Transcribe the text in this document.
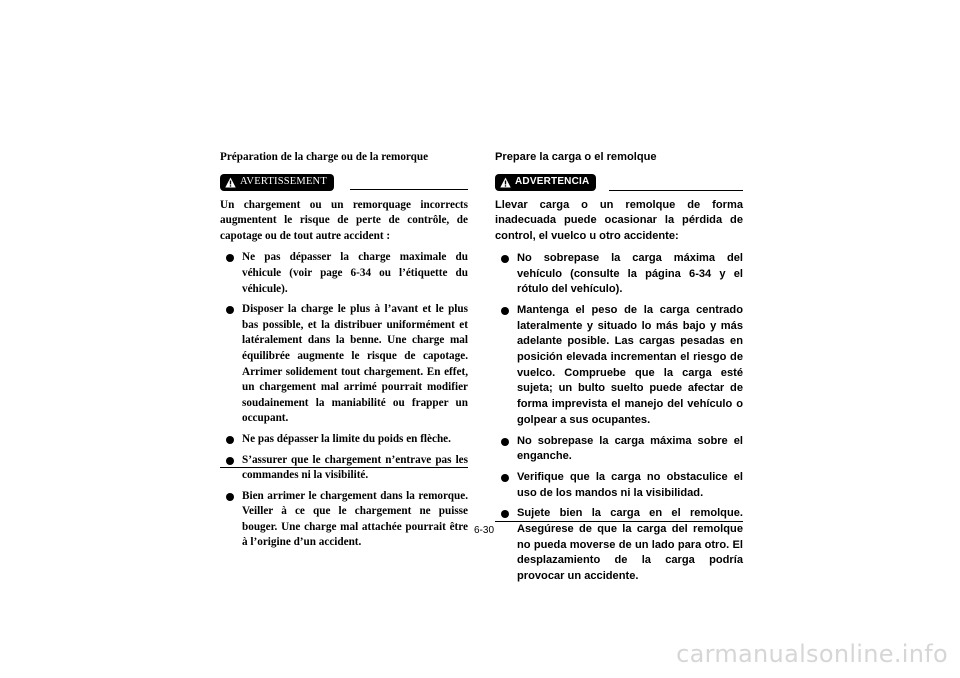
Préparation de la charge ou de la remorque
AVERTISSEMENT

Un chargement ou un remorquage incorrects augmentent le risque de perte de contrôle, de capotage ou de tout autre accident :

Ne pas dépasser la charge maximale du véhicule (voir page 6-34 ou l’étiquette du véhicule).
Disposer la charge le plus à l’avant et le plus bas possible, et la distribuer uniformément et latéralement dans la benne. Une charge mal équilibrée augmente le risque de capotage. Arrimer solidement tout chargement. En effet, un chargement mal arrimé pourrait modifier soudainement la maniabilité ou frapper un occupant.
Ne pas dépasser la limite du poids en flèche.
S’assurer que le chargement n’entrave pas les commandes ni la visibilité.
Bien arrimer le chargement dans la remorque. Veiller à ce que le chargement ne puisse bouger. Une charge mal attachée pourrait être à l’origine d’un accident.
Prepare la carga o el remolque
ADVERTENCIA

Llevar carga o un remolque de forma inadecuada puede ocasionar la pérdida de control, el vuelco u otro accidente:

No sobrepase la carga máxima del vehículo (consulte la página 6-34 y el rótulo del vehículo).
Mantenga el peso de la carga centrado lateralmente y situado lo más bajo y más adelante posible. Las cargas pesadas en posición elevada incrementan el riesgo de vuelco. Compruebe que la carga esté sujeta; un bulto suelto puede afectar de forma imprevista el manejo del vehículo o golpear a sus ocupantes.
No sobrepase la carga máxima sobre el enganche.
Verifique que la carga no obstaculice el uso de los mandos ni la visibilidad.
Sujete bien la carga en el remolque. Asegúrese de que la carga del remolque no pueda moverse de un lado para otro. El desplazamiento de la carga podría provocar un accidente.
6-30
carmanualsonline.info
